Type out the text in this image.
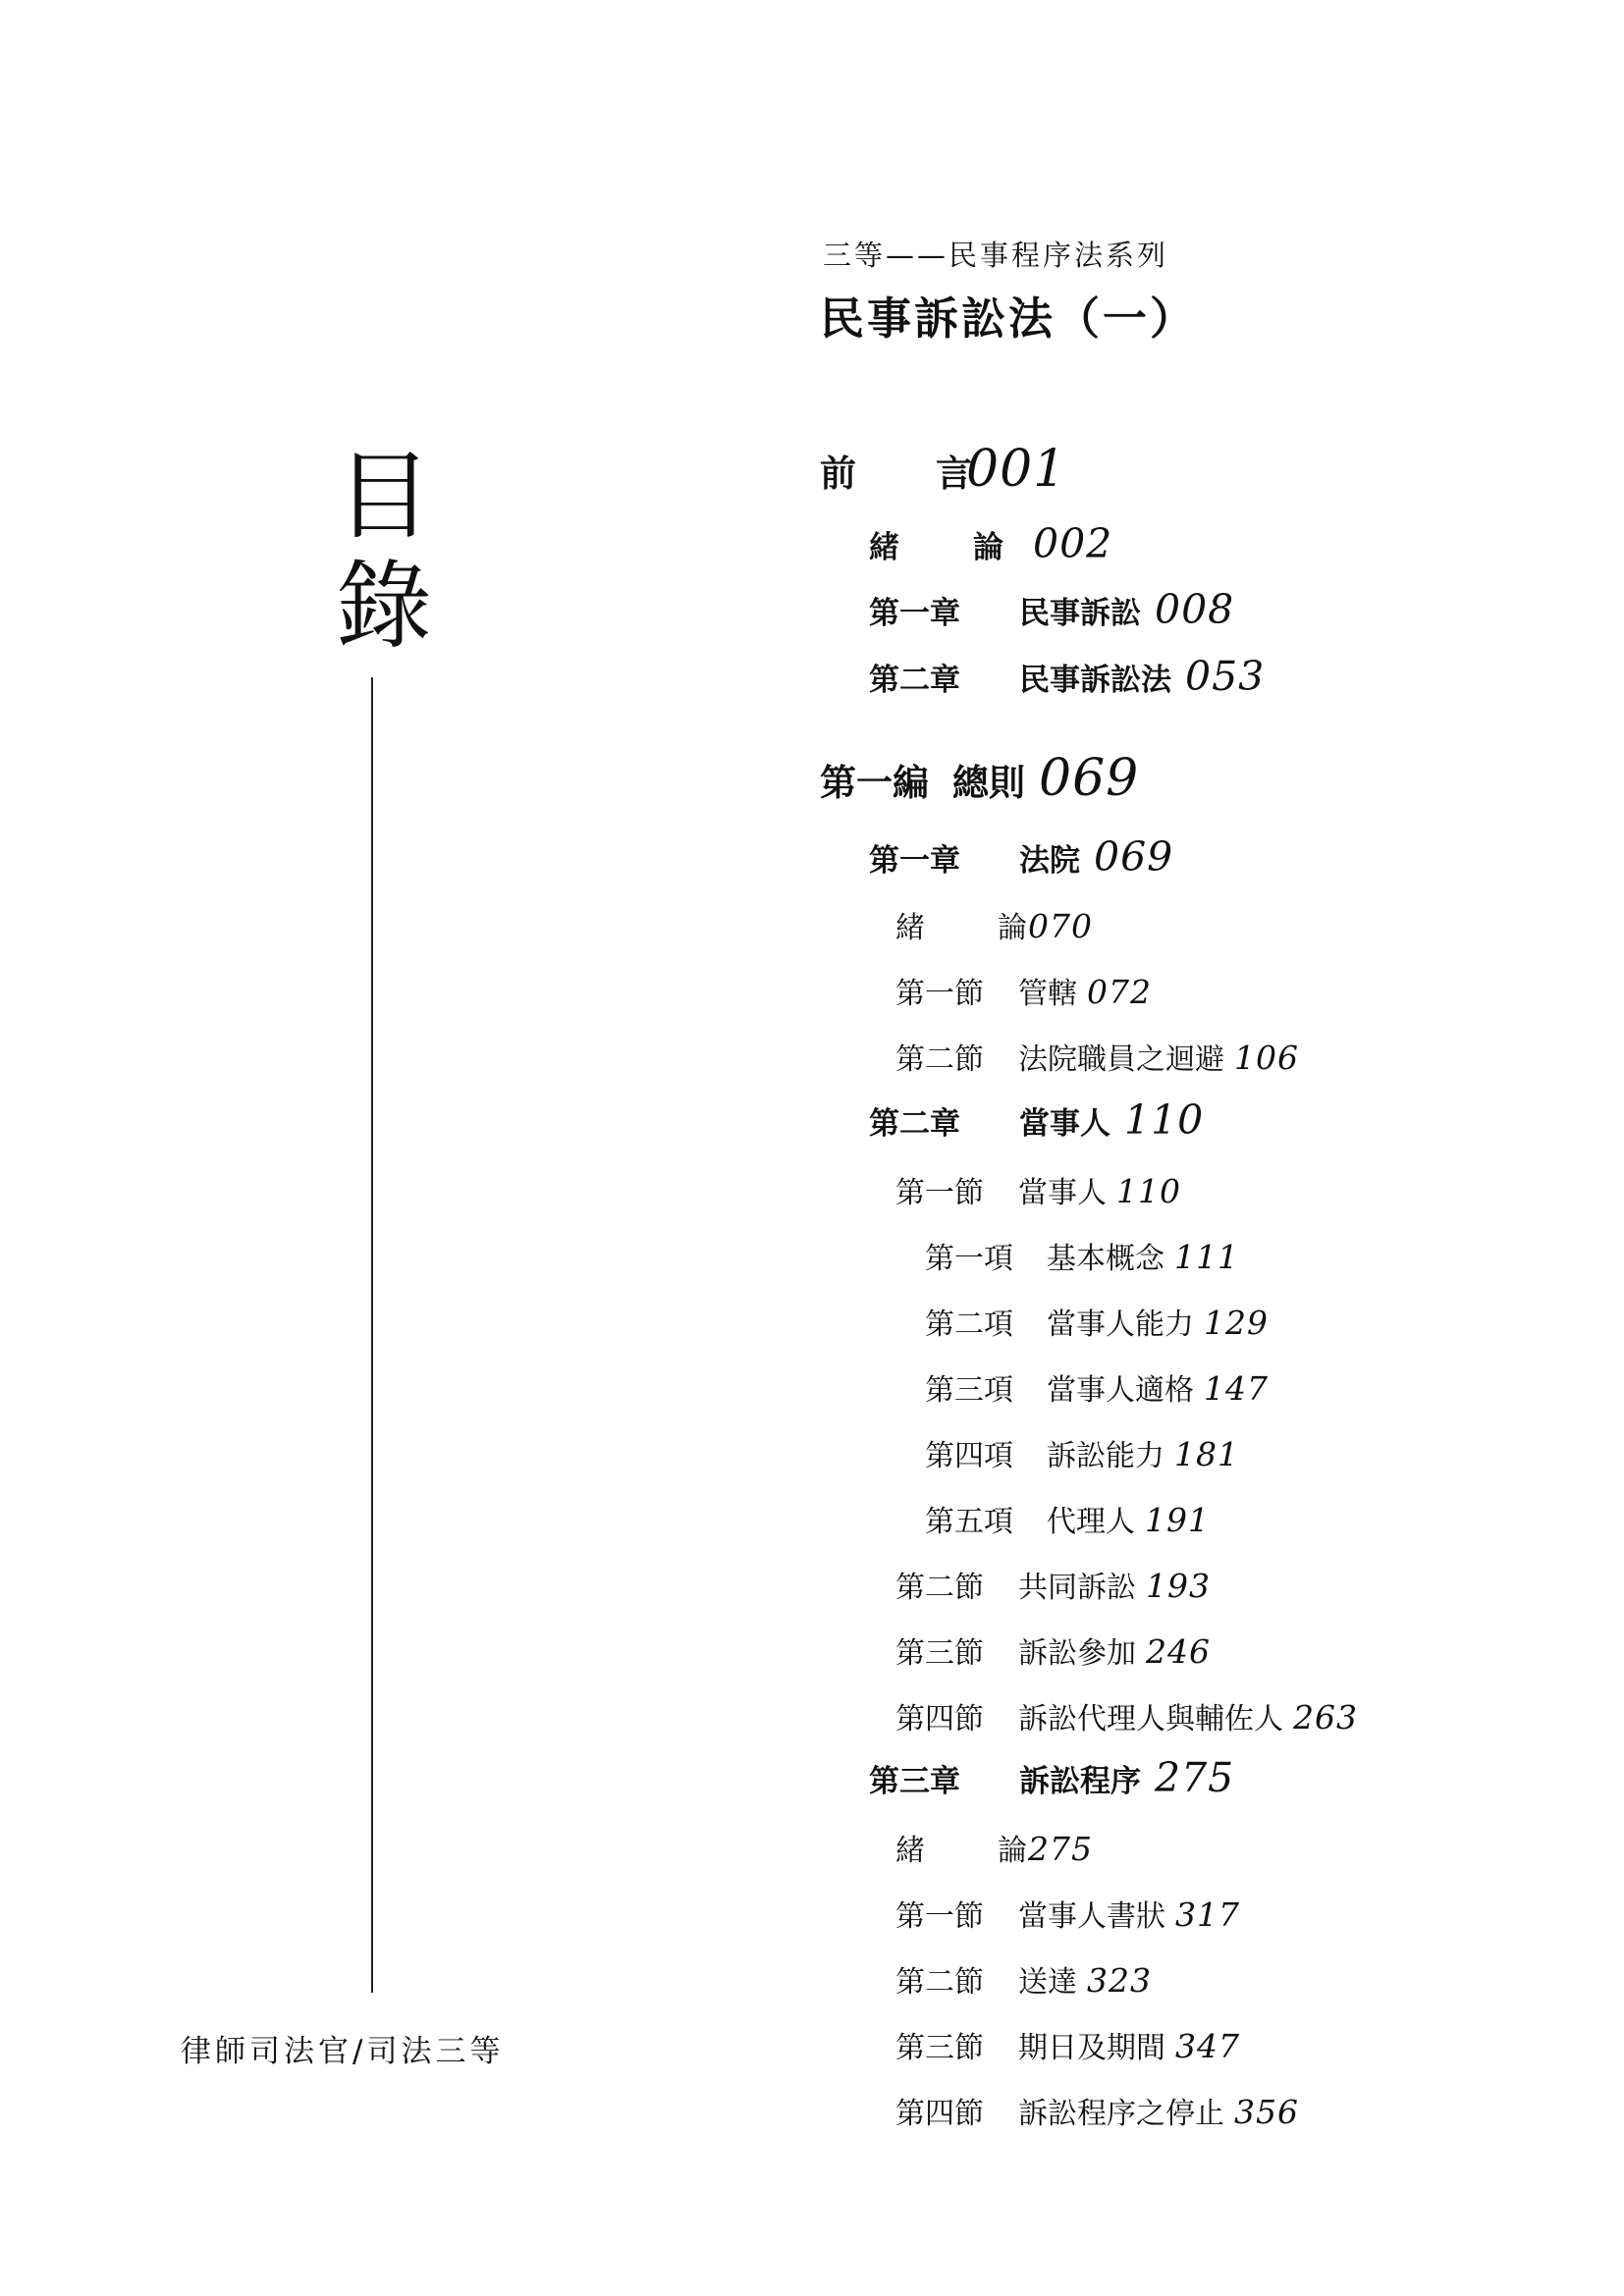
三等——民事程序法系列
民事訴訟法（一）
目
錄
律師司法官/司法三等
前　言001
緒　論 002
第一章 民事訴訟 008
第二章 民事訴訟法 053
第一編 總則 069
第一章 法院 069
緒　論070
第一節 管轄 072
第二節 法院職員之迴避 106
第二章 當事人 110
第一節 當事人 110
第一項 基本概念 111
第二項 當事人能力 129
第三項 當事人適格 147
第四項 訴訟能力 181
第五項 代理人 191
第二節 共同訴訟 193
第三節 訴訟參加 246
第四節 訴訟代理人與輔佐人 263
第三章 訴訟程序 275
緒　論275
第一節 當事人書狀 317
第二節 送達 323
第三節 期日及期間 347
第四節 訴訟程序之停止 356
